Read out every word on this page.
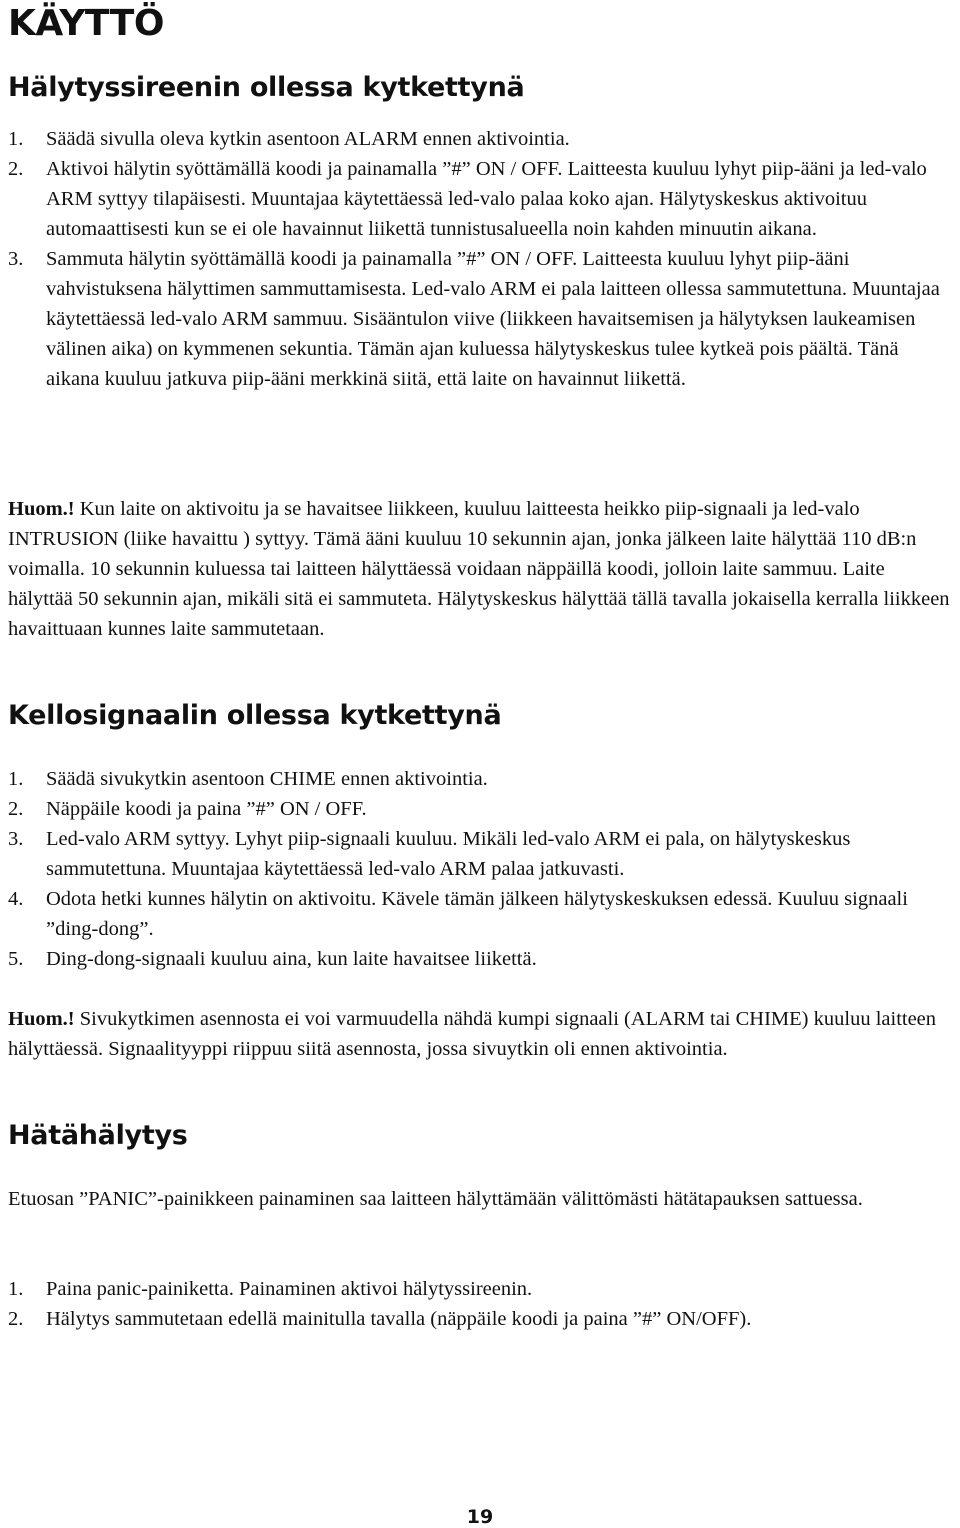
KÄYTTÖ
Hälytyssireenin ollessa kytkettynä
1.	Säädä sivulla oleva kytkin asentoon ALARM ennen aktivointia.
2.	Aktivoi hälytin syöttämällä koodi ja painamalla ”#” ON / OFF. Laitteesta kuuluu lyhyt piip-ääni ja led-valo ARM syttyy tilapäisesti. Muuntajaa käytettäessä led-valo palaa koko ajan. Hälytyskeskus aktivoituu automaattisesti kun se ei ole havainnut liikettä tunnistusalueella noin kahden minuutin aikana.
3.	Sammuta hälytin syöttämällä koodi ja painamalla ”#” ON / OFF. Laitteesta kuuluu lyhyt piip-ääni vahvistuksena hälyttimen sammuttamisesta. Led-valo ARM ei pala laitteen ollessa sammutettuna. Muuntajaa käytettäessä led-valo ARM sammuu. Sisääntulon viive (liikkeen havaitsemisen ja hälytyksen laukeamisen välinen aika) on kymmenen sekuntia. Tämän ajan kuluessa hälytyskeskus tulee kytkeä pois päältä. Tänä aikana kuuluu jatkuva piip-ääni merkkinä siitä, että laite on havainnut liikettä.

Huom.! Kun laite on aktivoitu ja se havaitsee liikkeen, kuuluu laitteesta heikko piip-signaali ja led-valo INTRUSION (liike havaittu ) syttyy. Tämä ääni kuuluu 10 sekunnin ajan, jonka jälkeen laite hälyttää 110 dB:n voimalla. 10 sekunnin kuluessa tai laitteen hälyttäessä voidaan näppäillä koodi, jolloin laite sammuu. Laite hälyttää 50 sekunnin ajan, mikäli sitä ei sammuteta. Hälytyskeskus hälyttää tällä tavalla jokaisella kerralla liikkeen havaittuaan kunnes laite sammutetaan.

Kellosignaalin ollessa kytkettynä
1.	Säädä sivukytkin asentoon CHIME ennen aktivointia.
2.	Näppäile koodi ja paina ”#” ON / OFF.
3.	Led-valo ARM syttyy. Lyhyt piip-signaali kuuluu. Mikäli led-valo ARM ei pala, on hälytyskeskus sammutettuna. Muuntajaa käytettäessä led-valo ARM palaa jatkuvasti.
4.	Odota hetki kunnes hälytin on aktivoitu. Kävele tämän jälkeen hälytyskeskuksen edessä. Kuuluu signaali ”ding-dong”.
5.	Ding-dong-signaali kuuluu aina, kun laite havaitsee liikettä.

Huom.! Sivukytkimen asennosta ei voi varmuudella nähdä kumpi signaali (ALARM tai CHIME) kuuluu laitteen hälyttäessä. Signaalityyppi riippuu siitä asennosta, jossa sivuytkin oli ennen aktivointia.

Hätähälytys

Etuosan ”PANIC”-painikkeen painaminen saa laitteen hälyttämään välittömästi hätätapauksen sattuessa.

1.	Paina panic-painiketta. Painaminen aktivoi hälytyssireenin.
2.	Hälytys sammutetaan edellä mainitulla tavalla (näppäile koodi ja paina ”#” ON/OFF).
19
